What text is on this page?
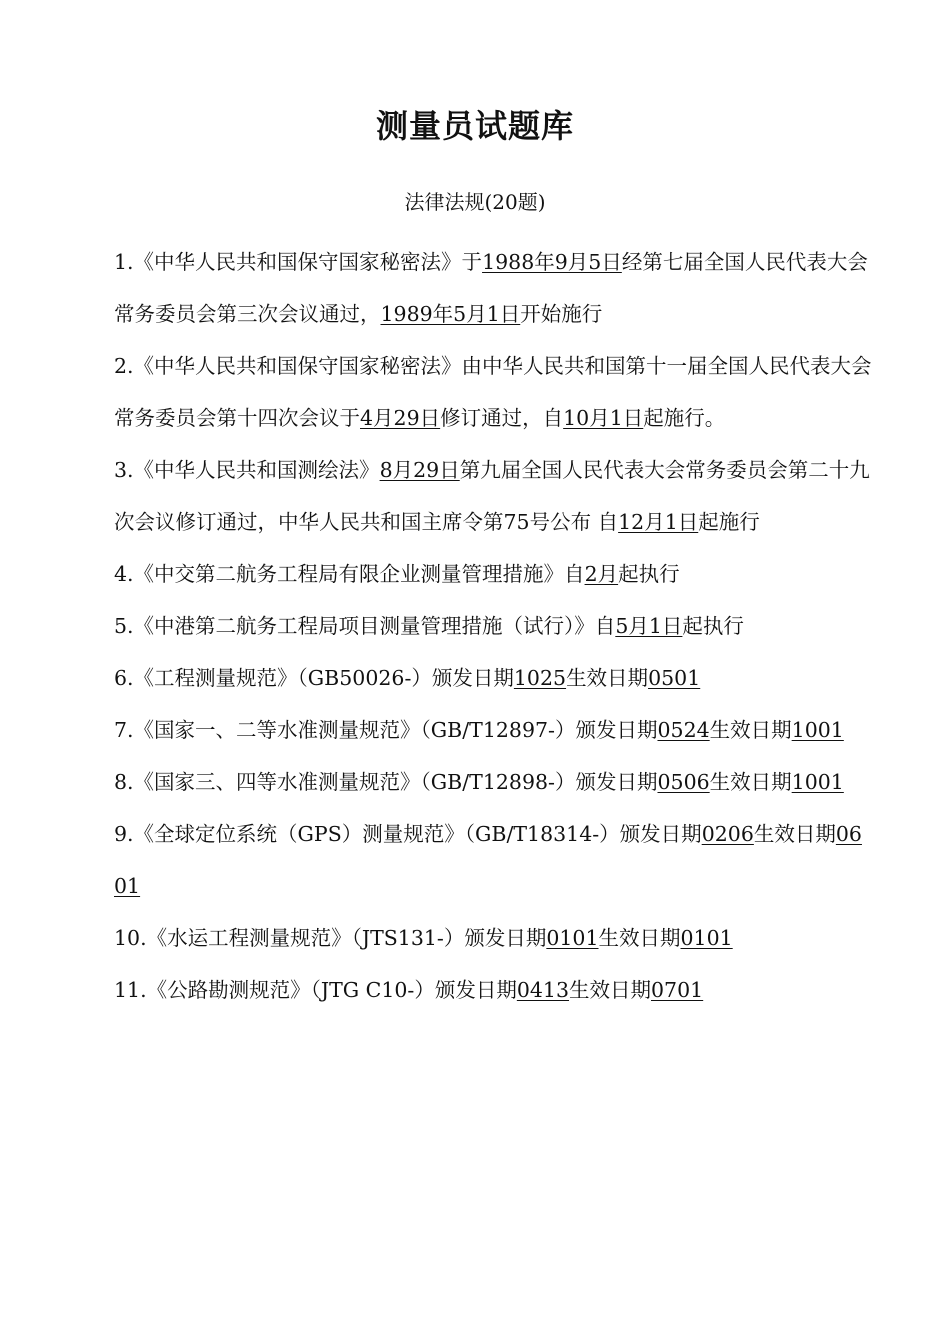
测量员试题库
法律法规(20题)

1.《中华人民共和国保守国家秘密法》于1988年9月5日经第七届全国人民代表大会常务委员会第三次会议通过，1989年5月1日开始施行

2.《中华人民共和国保守国家秘密法》由中华人民共和国第十一届全国人民代表大会常务委员会第十四次会议于4月29日修订通过，自10月1日起施行。

3.《中华人民共和国测绘法》8月29日第九届全国人民代表大会常务委员会第二十九次会议修订通过，中华人民共和国主席令第75号公布 自12月1日起施行

4.《中交第二航务工程局有限企业测量管理措施》自2月起执行

5.《中港第二航务工程局项目测量管理措施（试行）》自5月1日起执行

6.《工程测量规范》（GB50026-）颁发日期1025生效日期0501

7.《国家一、二等水准测量规范》（GB/T12897-）颁发日期0524生效日期1001

8.《国家三、四等水准测量规范》（GB/T12898-）颁发日期0506生效日期1001

9.《全球定位系统（GPS）测量规范》（GB/T18314-）颁发日期0206生效日期0601

10.《水运工程测量规范》（JTS131-）颁发日期0101生效日期0101

11.《公路勘测规范》（JTG C10-）颁发日期0413生效日期0701
